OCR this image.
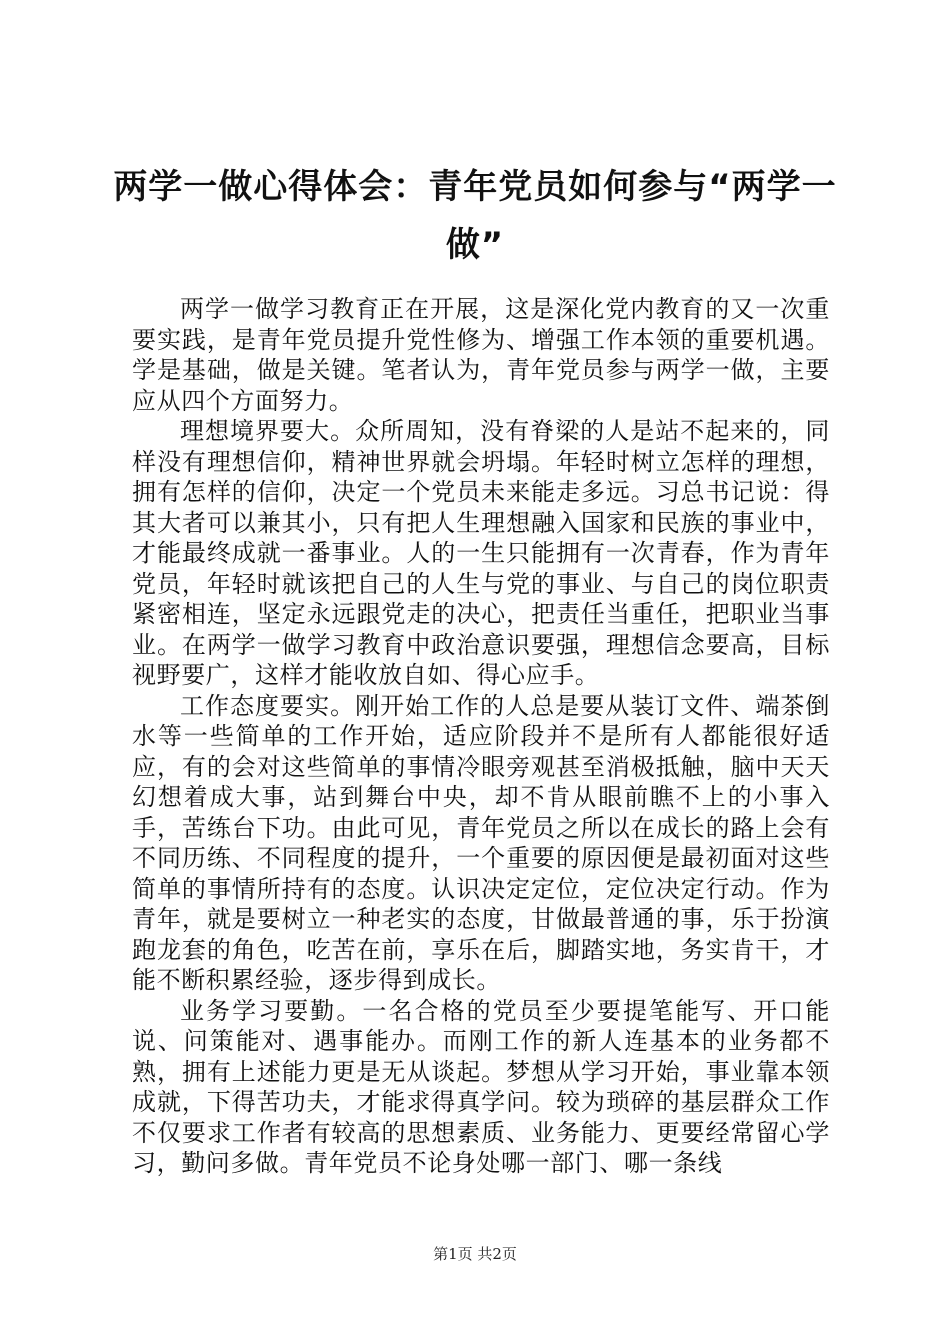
两学一做心得体会：青年党员如何参与“两学一做”

两学一做学习教育正在开展，这是深化党内教育的又一次重要实践，是青年党员提升党性修为、增强工作本领的重要机遇。学是基础，做是关键。笔者认为，青年党员参与两学一做，主要应从四个方面努力。

理想境界要大。众所周知，没有脊梁的人是站不起来的，同样没有理想信仰，精神世界就会坍塌。年轻时树立怎样的理想，拥有怎样的信仰，决定一个党员未来能走多远。习总书记说：得其大者可以兼其小，只有把人生理想融入国家和民族的事业中，才能最终成就一番事业。人的一生只能拥有一次青春，作为青年党员，年轻时就该把自己的人生与党的事业、与自己的岗位职责紧密相连，坚定永远跟党走的决心，把责任当重任，把职业当事业。在两学一做学习教育中政治意识要强，理想信念要高，目标视野要广，这样才能收放自如、得心应手。

工作态度要实。刚开始工作的人总是要从装订文件、端茶倒水等一些简单的工作开始，适应阶段并不是所有人都能很好适应，有的会对这些简单的事情冷眼旁观甚至消极抵触，脑中天天幻想着成大事，站到舞台中央，却不肯从眼前瞧不上的小事入手，苦练台下功。由此可见，青年党员之所以在成长的路上会有不同历练、不同程度的提升，一个重要的原因便是最初面对这些简单的事情所持有的态度。认识决定定位，定位决定行动。作为青年，就是要树立一种老实的态度，甘做最普通的事，乐于扮演跑龙套的角色，吃苦在前，享乐在后，脚踏实地，务实肯干，才能不断积累经验，逐步得到成长。

业务学习要勤。一名合格的党员至少要提笔能写、开口能说、问策能对、遇事能办。而刚工作的新人连基本的业务都不熟，拥有上述能力更是无从谈起。梦想从学习开始，事业靠本领成就，下得苦功夫，才能求得真学问。较为琐碎的基层群众工作不仅要求工作者有较高的思想素质、业务能力、更要经常留心学习，勤问多做。青年党员不论身处哪一部门、哪一条线

第1页 共2页
